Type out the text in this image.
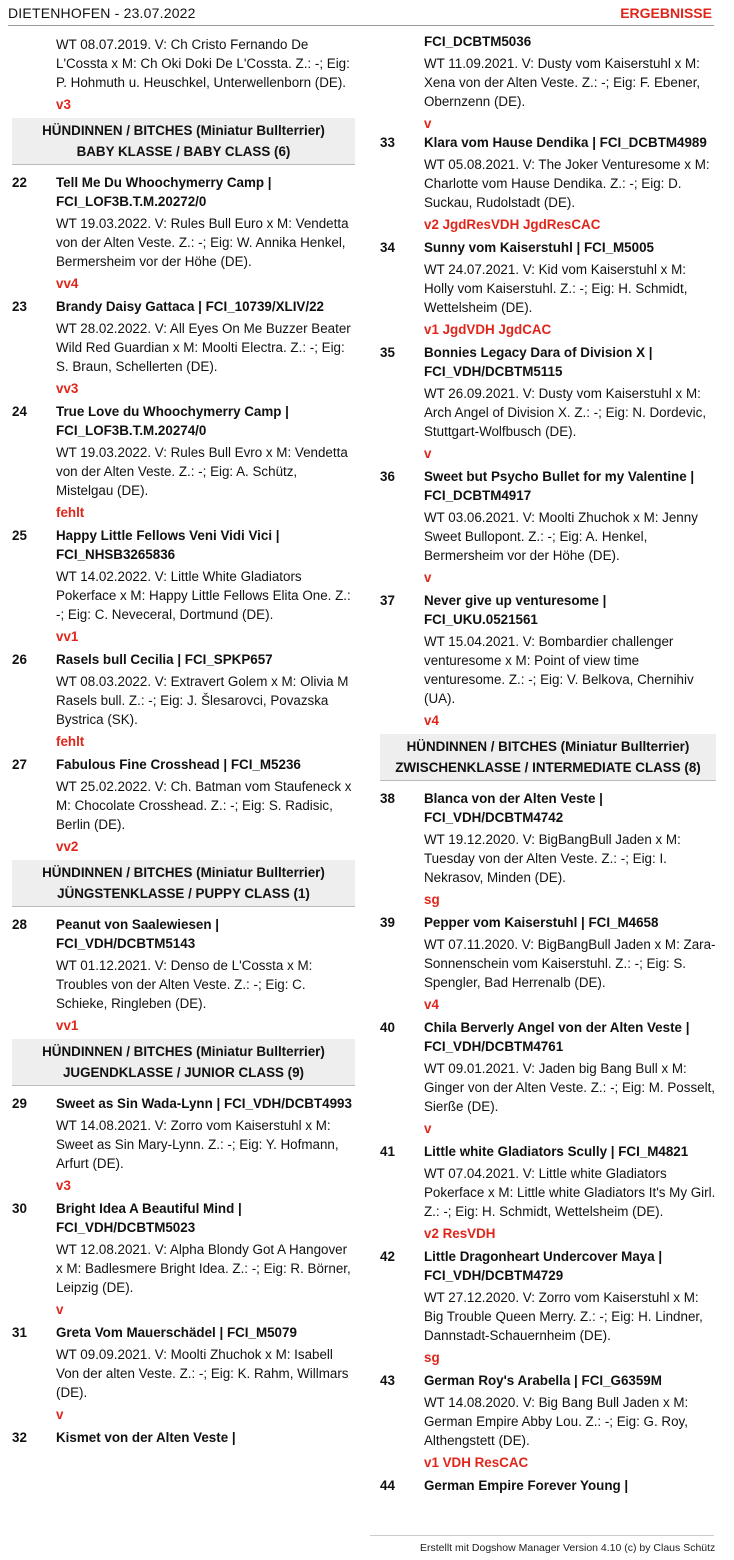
DIETENHOFEN - 23.07.2022	ERGEBNISSE
WT 08.07.2019. V: Ch Cristo Fernando De L'Cossta x M: Ch Oki Doki De L'Cossta. Z.: -; Eig: P. Hohmuth u. Heuschkel, Unterwellenborn (DE).
v3
HÜNDINNEN / BITCHES (Miniatur Bullterrier)
BABY KLASSE / BABY CLASS (6)
22 Tell Me Du Whoochymerry Camp | FCI_LOF3B.T.M.20272/0
WT 19.03.2022. V: Rules Bull Euro x M: Vendetta von der Alten Veste. Z.: -; Eig: W. Annika Henkel, Bermersheim vor der Höhe (DE).
vv4
23 Brandy Daisy Gattaca | FCI_10739/XLIV/22
WT 28.02.2022. V: All Eyes On Me Buzzer Beater Wild Red Guardian x M: Moolti Electra. Z.: -; Eig: S. Braun, Schellerten (DE).
vv3
24 True Love du Whoochymerry Camp | FCI_LOF3B.T.M.20274/0
WT 19.03.2022. V: Rules Bull Evro x M: Vendetta von der Alten Veste. Z.: -; Eig: A. Schütz, Mistelgau (DE).
fehlt
25 Happy Little Fellows Veni Vidi Vici | FCI_NHSB3265836
WT 14.02.2022. V: Little White Gladiators Pokerface x M: Happy Little Fellows Elita One. Z.: -; Eig: C. Neveceral, Dortmund (DE).
vv1
26 Rasels bull Cecilia | FCI_SPKP657
WT 08.03.2022. V: Extravert Golem x M: Olivia M Rasels bull. Z.: -; Eig: J. Šlesarovci, Povazska Bystrica (SK).
fehlt
27 Fabulous Fine Crosshead | FCI_M5236
WT 25.02.2022. V: Ch. Batman vom Staufeneck x M: Chocolate Crosshead. Z.: -; Eig: S. Radisic, Berlin (DE).
vv2
HÜNDINNEN / BITCHES (Miniatur Bullterrier)
JÜNGSTENKLASSE / PUPPY CLASS (1)
28 Peanut von Saalewiesen | FCI_VDH/DCBTM5143
WT 01.12.2021. V: Denso de L'Cossta x M: Troubles von der Alten Veste. Z.: -; Eig: C. Schieke, Ringleben (DE).
vv1
HÜNDINNEN / BITCHES (Miniatur Bullterrier)
JUGENDKLASSE / JUNIOR CLASS (9)
29 Sweet as Sin Wada-Lynn | FCI_VDH/DCBT4993
WT 14.08.2021. V: Zorro vom Kaiserstuhl x M: Sweet as Sin Mary-Lynn. Z.: -; Eig: Y. Hofmann, Arfurt (DE).
v3
30 Bright Idea A Beautiful Mind | FCI_VDH/DCBTM5023
WT 12.08.2021. V: Alpha Blondy Got A Hangover x M: Badlesmere Bright Idea. Z.: -; Eig: R. Börner, Leipzig (DE).
v
31 Greta Vom Mauerschädel | FCI_M5079
WT 09.09.2021. V: Moolti Zhuchok x M: Isabell Von der alten Veste. Z.: -; Eig: K. Rahm, Willmars (DE).
v
32 Kismet von der Alten Veste |
FCI_DCBTM5036
WT 11.09.2021. V: Dusty vom Kaiserstuhl x M: Xena von der Alten Veste. Z.: -; Eig: F. Ebener, Obernzenn (DE).
v
33 Klara vom Hause Dendika | FCI_DCBTM4989
WT 05.08.2021. V: The Joker Venturesome x M: Charlotte vom Hause Dendika. Z.: -; Eig: D. Suckau, Rudolstadt (DE).
v2 JgdResVDH JgdResCAC
34 Sunny vom Kaiserstuhl | FCI_M5005
WT 24.07.2021. V: Kid vom Kaiserstuhl x M: Holly vom Kaiserstuhl. Z.: -; Eig: H. Schmidt, Wettelsheim (DE).
v1 JgdVDH JgdCAC
35 Bonnies Legacy Dara of Division X | FCI_VDH/DCBTM5115
WT 26.09.2021. V: Dusty vom Kaiserstuhl x M: Arch Angel of Division X. Z.: -; Eig: N. Dordevic, Stuttgart-Wolfbusch (DE).
v
36 Sweet but Psycho Bullet for my Valentine | FCI_DCBTM4917
WT 03.06.2021. V: Moolti Zhuchok x M: Jenny Sweet Bullopont. Z.: -; Eig: A. Henkel, Bermersheim vor der Höhe (DE).
v
37 Never give up venturesome | FCI_UKU.0521561
WT 15.04.2021. V: Bombardier challenger venturesome x M: Point of view time venturesome. Z.: -; Eig: V. Belkova, Chernihiv (UA).
v4
HÜNDINNEN / BITCHES (Miniatur Bullterrier)
ZWISCHENKLASSE / INTERMEDIATE CLASS (8)
38 Blanca von der Alten Veste | FCI_VDH/DCBTM4742
WT 19.12.2020. V: BigBangBull Jaden x M: Tuesday von der Alten Veste. Z.: -; Eig: I. Nekrasov, Minden (DE).
sg
39 Pepper vom Kaiserstuhl | FCI_M4658
WT 07.11.2020. V: BigBangBull Jaden x M: Zara-Sonnenschein vom Kaiserstuhl. Z.: -; Eig: S. Spengler, Bad Herrenalb (DE).
v4
40 Chila Berverly Angel von der Alten Veste | FCI_VDH/DCBTM4761
WT 09.01.2021. V: Jaden big Bang Bull x M: Ginger von der Alten Veste. Z.: -; Eig: M. Posselt, Sierße (DE).
v
41 Little white Gladiators Scully | FCI_M4821
WT 07.04.2021. V: Little white Gladiators Pokerface x M: Little white Gladiators It's My Girl. Z.: -; Eig: H. Schmidt, Wettelsheim (DE).
v2 ResVDH
42 Little Dragonheart Undercover Maya | FCI_VDH/DCBTM4729
WT 27.12.2020. V: Zorro vom Kaiserstuhl x M: Big Trouble Queen Merry. Z.: -; Eig: H. Lindner, Dannstadt-Schauernheim (DE).
sg
43 German Roy's Arabella | FCI_G6359M
WT 14.08.2020. V: Big Bang Bull Jaden x M: German Empire Abby Lou. Z.: -; Eig: G. Roy, Althengstett (DE).
v1 VDH ResCAC
44 German Empire Forever Young |
Erstellt mit Dogshow Manager Version 4.10 (c) by Claus Schütz
